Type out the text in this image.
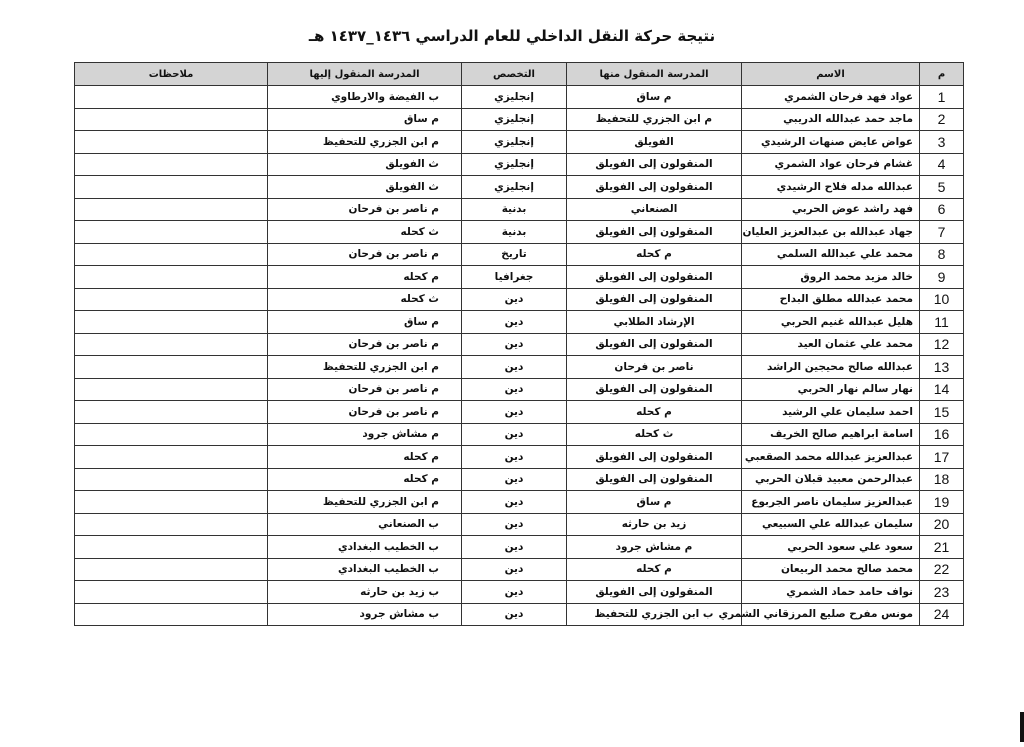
نتيجة حركة النقل الداخلي للعام الدراسي ١٤٣٦_١٤٣٧ هـ
م	الاسم	المدرسة المنقول منها	التخصص	المدرسة المنقول إليها	ملاحظات
1	عواد فهد فرحان الشمري	م ساق	إنجليزي	ب الفيضة والارطاوي	
2	ماجد حمد عبدالله الدريبي	م ابن الجزري للتحفيظ	إنجليزي	م ساق	
3	عواض عايض صنهات الرشيدي	الفويلق	إنجليزي	م ابن الجزري للتحفيظ	
4	غشام فرحان عواد الشمري	المنقولون إلى الفويلق	إنجليزي	ث الفويلق	
5	عبدالله مدله فلاح الرشيدي	المنقولون إلى الفويلق	إنجليزي	ث الفويلق	
6	فهد راشد عوض الحربي	الصنعاني	بدنية	م ناصر بن فرحان	
7	جهاد عبدالله بن عبدالعزيز العليان	المنقولون إلى الفويلق	بدنية	ث كحله	
8	محمد علي عبدالله السلمي	م كحله	تاريخ	م ناصر بن فرحان	
9	خالد مزيد محمد الروق	المنقولون إلى الفويلق	جغرافيا	م كحله	
10	محمد عبدالله مطلق البداح	المنقولون إلى الفويلق	دين	ث كحله	
11	هليل عبدالله غنيم الحربي	الإرشاد الطلابي	دين	م ساق	
12	محمد علي عثمان العيد	المنقولون إلى الفويلق	دين	م ناصر بن فرحان	
13	عبدالله صالح محيجين الراشد	ناصر بن فرحان	دين	م ابن الجزري للتحفيظ	
14	نهار سالم نهار الحربي	المنقولون إلى الفويلق	دين	م ناصر بن فرحان	
15	احمد سليمان علي الرشيد	م كحله	دين	م ناصر بن فرحان	
16	اسامة ابراهيم صالح الخريف	ث كحله	دين	م مشاش جرود	
17	عبدالعزيز عبدالله محمد الصقعبي	المنقولون إلى الفويلق	دين	م كحله	
18	عبدالرحمن معبيد قبلان الحربي	المنقولون إلى الفويلق	دين	م كحله	
19	عبدالعزيز سليمان ناصر الجربوع	م ساق	دين	م ابن الجزري للتحفيظ	
20	سليمان عبدالله علي السبيعي	زيد بن حارثه	دين	ب الصنعاني	
21	سعود علي سعود الحربي	م مشاش جرود	دين	ب الخطيب البغدادي	
22	محمد صالح محمد الربيعان	م كحله	دين	ب الخطيب البغدادي	
23	نواف حامد حماد الشمري	المنقولون إلى الفويلق	دين	ب زيد بن حارثه	
24	مونس مفرح صليع المرزقاني الشمري	ب ابن الجزري للتحفيظ	دين	ب مشاش جرود	
